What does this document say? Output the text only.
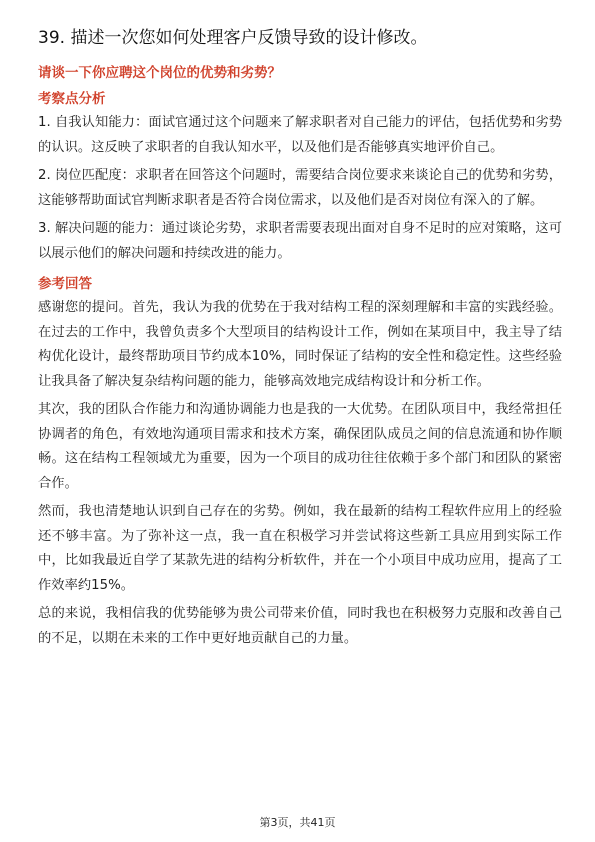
39. 描述一次您如何处理客户反馈导致的设计修改。
请谈一下你应聘这个岗位的优势和劣势？
考察点分析

1. 自我认知能力：面试官通过这个问题来了解求职者对自己能力的评估，包括优势和劣势的认识。这反映了求职者的自我认知水平，以及他们是否能够真实地评价自己。

2. 岗位匹配度：求职者在回答这个问题时，需要结合岗位要求来谈论自己的优势和劣势，这能够帮助面试官判断求职者是否符合岗位需求，以及他们是否对岗位有深入的了解。

3. 解决问题的能力：通过谈论劣势，求职者需要表现出面对自身不足时的应对策略，这可以展示他们的解决问题和持续改进的能力。

参考回答

感谢您的提问。首先，我认为我的优势在于我对结构工程的深刻理解和丰富的实践经验。在过去的工作中，我曾负责多个大型项目的结构设计工作，例如在某项目中，我主导了结构优化设计，最终帮助项目节约成本10%，同时保证了结构的安全性和稳定性。这些经验让我具备了解决复杂结构问题的能力，能够高效地完成结构设计和分析工作。

其次，我的团队合作能力和沟通协调能力也是我的一大优势。在团队项目中，我经常担任协调者的角色，有效地沟通项目需求和技术方案，确保团队成员之间的信息流通和协作顺畅。这在结构工程领域尤为重要，因为一个项目的成功往往依赖于多个部门和团队的紧密合作。

然而，我也清楚地认识到自己存在的劣势。例如，我在最新的结构工程软件应用上的经验还不够丰富。为了弥补这一点，我一直在积极学习并尝试将这些新工具应用到实际工作中，比如我最近自学了某款先进的结构分析软件，并在一个小项目中成功应用，提高了工作效率约15%。

总的来说，我相信我的优势能够为贵公司带来价值，同时我也在积极努力克服和改善自己的不足，以期在未来的工作中更好地贡献自己的力量。

第3页，共41页
